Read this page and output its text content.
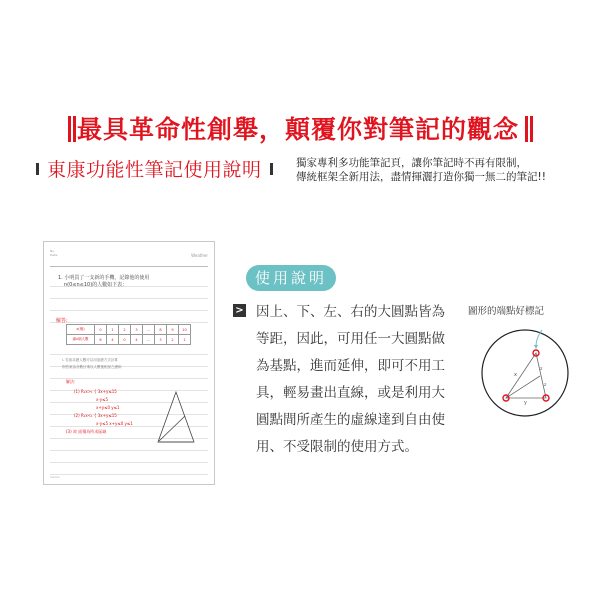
最具革命性創舉，顛覆你對筆記的觀念
東康功能性筆記使用說明	獨家專利多功能筆記頁，讓你筆記時不再有限制，
傳統框架全新用法，盡情揮灑打造你獨一無二的筆記!!
No.
Date.	Weather
1. 小明買了一支新的手機，記錄他的使用
n(0≤n≤10)的人數如下表：
解答:
x(個)	0	1	2	3	…	8	9	10
滿x個人數	6	4	0	4	…	3	2	1
i. 若欲求總人數可以用加總方式計算
則答案為各數目乘以人數後相加之總和
解法:
(1) R₁x>₁ { 3x+y≤15
x-y≤5
x+y≤0 y≤1
(2) R₁x<₁ { 3x+y≤15
x-y≤5 x+y≤0 y≤1
(3) 故 面積為所求區域
memo
使用說明
> 因上、下、左、右的大圓點皆為
等距，因此，可用任一大圓點做
為基點，進而延伸，即可不用工
具，輕易畫出直線，或是利用大
圓點間所產生的虛線達到自由使
用、不受限制的使用方式。
圖形的端點好標記
x
y
z
z
